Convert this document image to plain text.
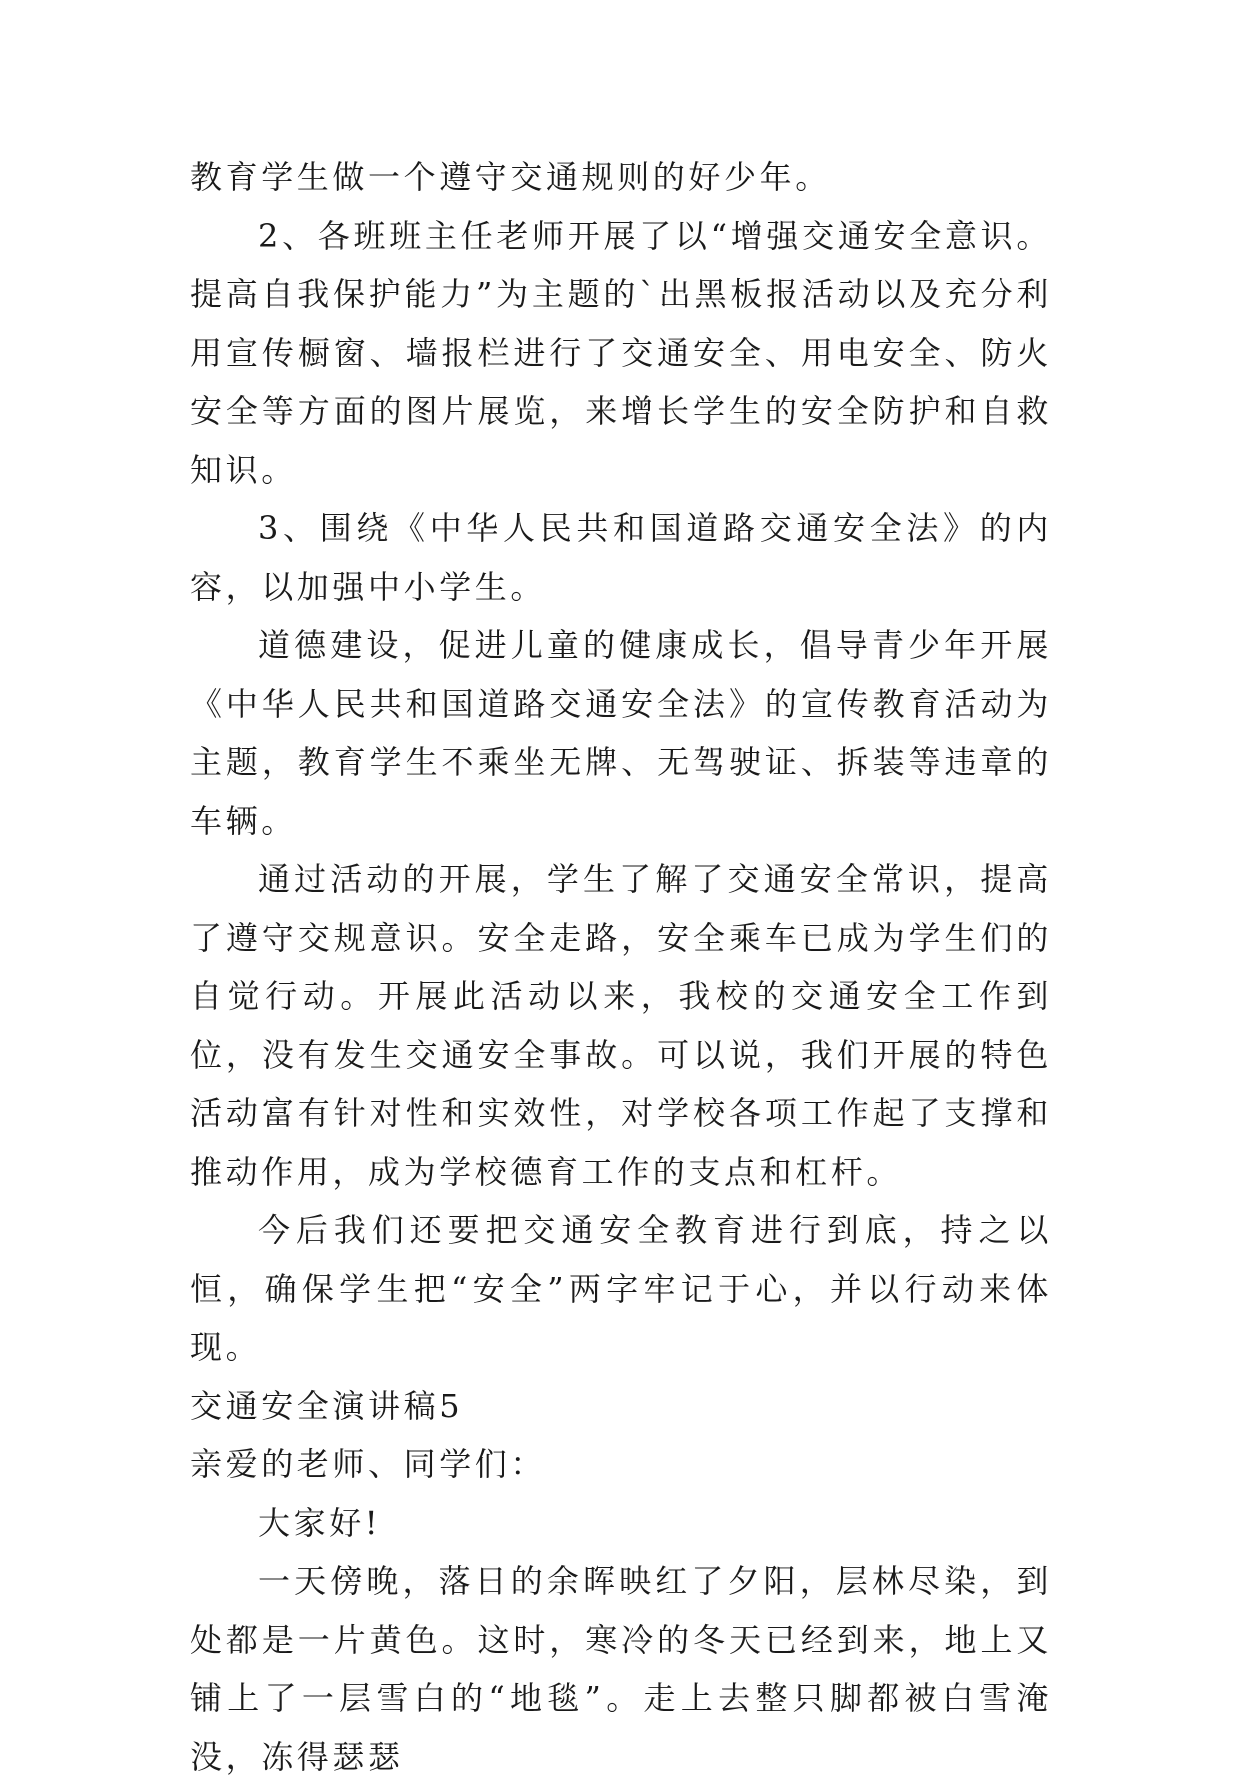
教育学生做一个遵守交通规则的好少年。

2、各班班主任老师开展了以“增强交通安全意识。提高自我保护能力”为主题的`出黑板报活动以及充分利用宣传橱窗、墙报栏进行了交通安全、用电安全、防火安全等方面的图片展览，来增长学生的安全防护和自救知识。

3、围绕《中华人民共和国道路交通安全法》的内容，以加强中小学生。

道德建设，促进儿童的健康成长，倡导青少年开展《中华人民共和国道路交通安全法》的宣传教育活动为主题，教育学生不乘坐无牌、无驾驶证、拆装等违章的车辆。

通过活动的开展，学生了解了交通安全常识，提高了遵守交规意识。安全走路，安全乘车已成为学生们的自觉行动。开展此活动以来，我校的交通安全工作到位，没有发生交通安全事故。可以说，我们开展的特色活动富有针对性和实效性，对学校各项工作起了支撑和推动作用，成为学校德育工作的支点和杠杆。

今后我们还要把交通安全教育进行到底，持之以恒，确保学生把“安全”两字牢记于心，并以行动来体现。

交通安全演讲稿5

亲爱的老师、同学们：

大家好!

一天傍晚，落日的余晖映红了夕阳，层林尽染，到处都是一片黄色。这时，寒冷的冬天已经到来，地上又铺上了一层雪白的“地毯”。走上去整只脚都被白雪淹没，冻得瑟瑟
